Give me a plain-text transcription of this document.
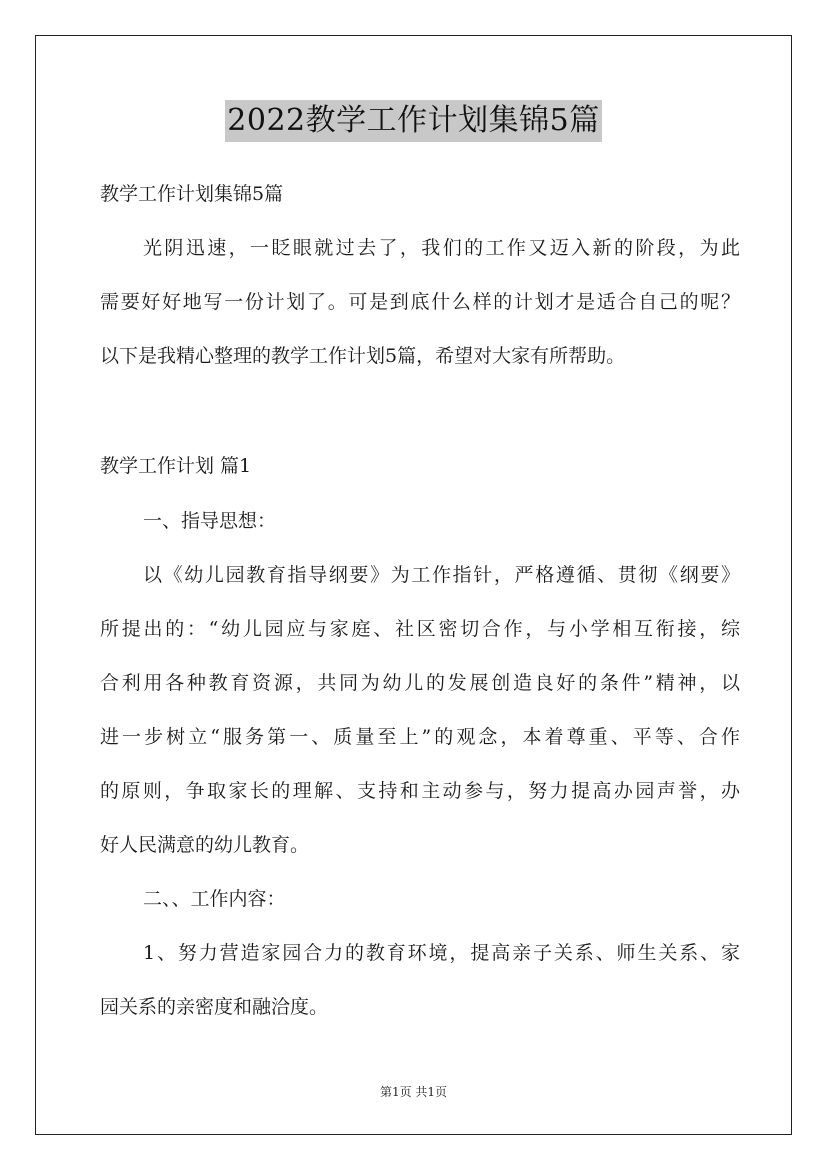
2022教学工作计划集锦5篇
教学工作计划集锦5篇
光阴迅速，一眨眼就过去了，我们的工作又迈入新的阶段，为此
需要好好地写一份计划了。可是到底什么样的计划才是适合自己的呢？
以下是我精心整理的教学工作计划5篇，希望对大家有所帮助。
教学工作计划 篇1
一、指导思想：
以《幼儿园教育指导纲要》为工作指针，严格遵循、贯彻《纲要》
所提出的：“幼儿园应与家庭、社区密切合作，与小学相互衔接，综
合利用各种教育资源，共同为幼儿的发展创造良好的条件”精神，以
进一步树立“服务第一、质量至上”的观念，本着尊重、平等、合作
的原则，争取家长的理解、支持和主动参与，努力提高办园声誉，办
好人民满意的幼儿教育。
二、、工作内容：
1、努力营造家园合力的教育环境，提高亲子关系、师生关系、家
园关系的亲密度和融洽度。
第1页 共1页
